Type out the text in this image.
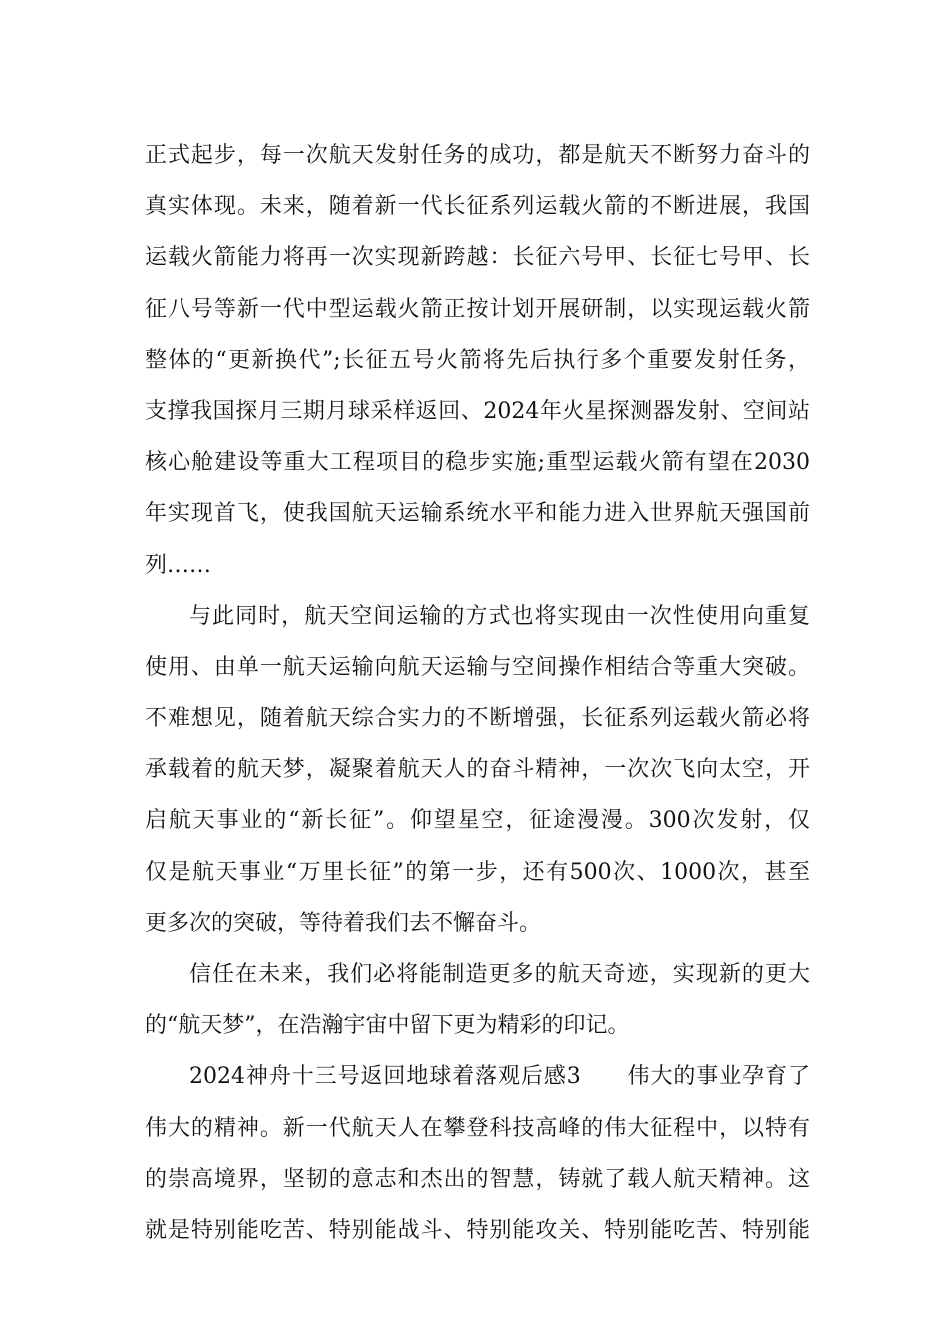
正式起步，每一次航天发射任务的成功，都是航天不断努力奋斗的
真实体现。未来，随着新一代长征系列运载火箭的不断进展，我国
运载火箭能力将再一次实现新跨越：长征六号甲、长征七号甲、长
征八号等新一代中型运载火箭正按计划开展研制，以实现运载火箭
整体的“更新换代”;长征五号火箭将先后执行多个重要发射任务，
支撑我国探月三期月球采样返回、2024年火星探测器发射、空间站
核心舱建设等重大工程项目的稳步实施;重型运载火箭有望在2030
年实现首飞，使我国航天运输系统水平和能力进入世界航天强国前
列……
与此同时，航天空间运输的方式也将实现由一次性使用向重复
使用、由单一航天运输向航天运输与空间操作相结合等重大突破。
不难想见，随着航天综合实力的不断增强，长征系列运载火箭必将
承载着的航天梦，凝聚着航天人的奋斗精神，一次次飞向太空，开
启航天事业的“新长征”。仰望星空，征途漫漫。300次发射，仅
仅是航天事业“万里长征”的第一步，还有500次、1000次，甚至
更多次的突破，等待着我们去不懈奋斗。
信任在未来，我们必将能制造更多的航天奇迹，实现新的更大
的“航天梦”，在浩瀚宇宙中留下更为精彩的印记。
2024神舟十三号返回地球着落观后感3　　伟大的事业孕育了
伟大的精神。新一代航天人在攀登科技高峰的伟大征程中，以特有
的崇高境界，坚韧的意志和杰出的智慧，铸就了载人航天精神。这
就是特别能吃苦、特别能战斗、特别能攻关、特别能吃苦、特别能
